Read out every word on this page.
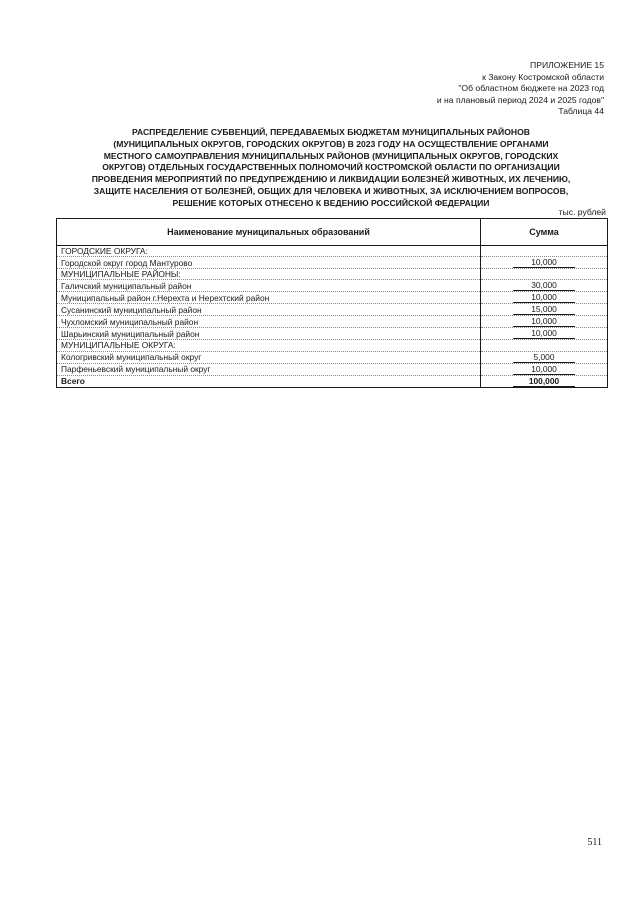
ПРИЛОЖЕНИЕ 15
к Закону Костромской области
"Об областном бюджете на 2023 год
и на плановый период 2024 и 2025 годов"
Таблица 44
РАСПРЕДЕЛЕНИЕ СУБВЕНЦИЙ, ПЕРЕДАВАЕМЫХ БЮДЖЕТАМ МУНИЦИПАЛЬНЫХ РАЙОНОВ
(МУНИЦИПАЛЬНЫХ ОКРУГОВ, ГОРОДСКИХ ОКРУГОВ) В 2023 ГОДУ НА ОСУЩЕСТВЛЕНИЕ ОРГАНАМИ
МЕСТНОГО САМОУПРАВЛЕНИЯ МУНИЦИПАЛЬНЫХ РАЙОНОВ (МУНИЦИПАЛЬНЫХ ОКРУГОВ, ГОРОДСКИХ
ОКРУГОВ) ОТДЕЛЬНЫХ ГОСУДАРСТВЕННЫХ ПОЛНОМОЧИЙ КОСТРОМСКОЙ ОБЛАСТИ ПО ОРГАНИЗАЦИИ
ПРОВЕДЕНИЯ МЕРОПРИЯТИЙ ПО ПРЕДУПРЕЖДЕНИЮ И ЛИКВИДАЦИИ БОЛЕЗНЕЙ ЖИВОТНЫХ, ИХ ЛЕЧЕНИЮ,
ЗАЩИТЕ НАСЕЛЕНИЯ ОТ БОЛЕЗНЕЙ, ОБЩИХ ДЛЯ ЧЕЛОВЕКА И ЖИВОТНЫХ, ЗА ИСКЛЮЧЕНИЕМ ВОПРОСОВ,
РЕШЕНИЕ КОТОРЫХ ОТНЕСЕНО К ВЕДЕНИЮ РОССИЙСКОЙ ФЕДЕРАЦИИ
тыс. рублей
Наименование муниципальных образований	Сумма
ГОРОДСКИЕ ОКРУГА:	
Городской округ город Мантурово	10,000
МУНИЦИПАЛЬНЫЕ РАЙОНЫ:	
Галичский муниципальный район	30,000
Муниципальный район г.Нерехта и Нерехтский район	10,000
Сусанинский муниципальный район	15,000
Чухломский муниципальный район	10,000
Шарьинский муниципальный район	10,000
МУНИЦИПАЛЬНЫЕ ОКРУГА:	
Кологривский муниципальный округ	5,000
Парфеньевский муниципальный округ	10,000
Всего	100,000
511
